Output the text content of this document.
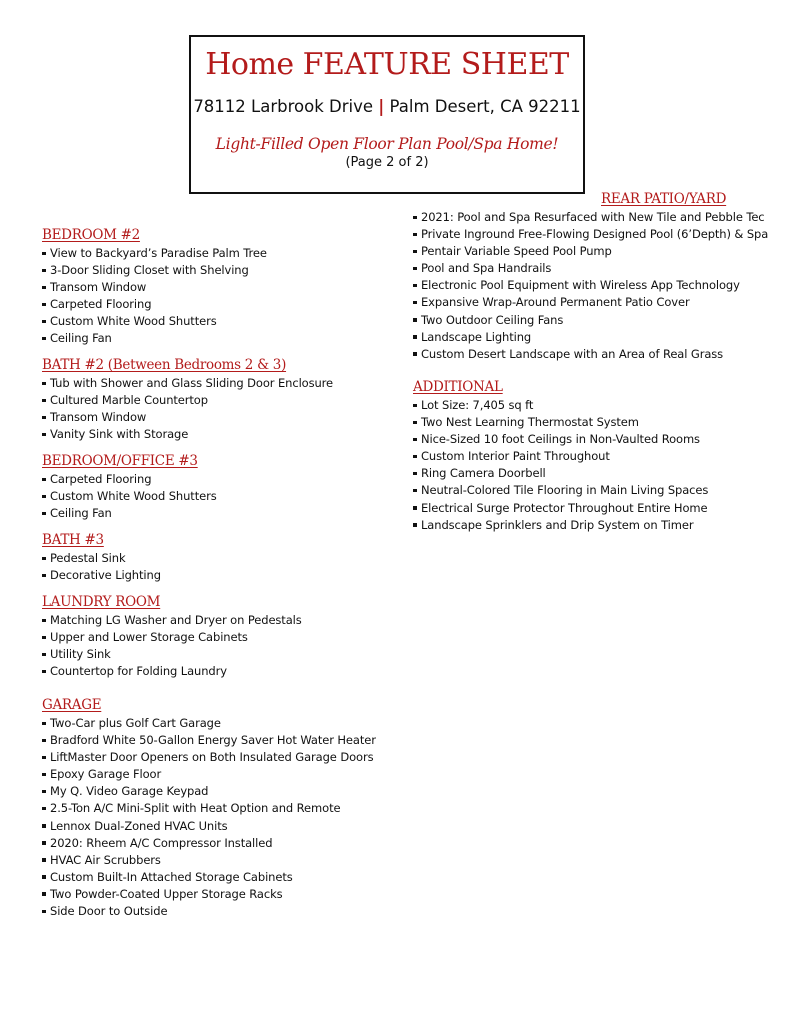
Home FEATURE SHEET
78112 Larbrook Drive | Palm Desert, CA 92211
Light-Filled Open Floor Plan Pool/Spa Home!
(Page 2 of 2)
BEDROOM #2
View to Backyard’s Paradise Palm Tree
3-Door Sliding Closet with Shelving
Transom Window
Carpeted Flooring
Custom White Wood Shutters
Ceiling Fan
BATH #2 (Between Bedrooms 2 & 3)
Tub with Shower and Glass Sliding Door Enclosure
Cultured Marble Countertop
Transom Window
Vanity Sink with Storage
BEDROOM/OFFICE #3
Carpeted Flooring
Custom White Wood Shutters
Ceiling Fan
BATH #3
Pedestal Sink
Decorative Lighting
LAUNDRY ROOM
Matching LG Washer and Dryer on Pedestals
Upper and Lower Storage Cabinets
Utility Sink
Countertop for Folding Laundry
GARAGE
Two-Car plus Golf Cart Garage
Bradford White 50-Gallon Energy Saver Hot Water Heater
LiftMaster Door Openers on Both Insulated Garage Doors
Epoxy Garage Floor
My Q. Video Garage Keypad
2.5-Ton A/C Mini-Split with Heat Option and Remote
Lennox Dual-Zoned HVAC Units
2020: Rheem A/C Compressor Installed
HVAC Air Scrubbers
Custom Built-In Attached Storage Cabinets
Two Powder-Coated Upper Storage Racks
Side Door to Outside
REAR PATIO/YARD
2021: Pool and Spa Resurfaced with New Tile and Pebble Tec
Private Inground Free-Flowing Designed Pool (6’Depth) & Spa
Pentair Variable Speed Pool Pump
Pool and Spa Handrails
Electronic Pool Equipment with Wireless App Technology
Expansive Wrap-Around Permanent Patio Cover
Two Outdoor Ceiling Fans
Landscape Lighting
Custom Desert Landscape with an Area of Real Grass
ADDITIONAL
Lot Size: 7,405 sq ft
Two Nest Learning Thermostat System
Nice-Sized 10 foot Ceilings in Non-Vaulted Rooms
Custom Interior Paint Throughout
Ring Camera Doorbell
Neutral-Colored Tile Flooring in Main Living Spaces
Electrical Surge Protector Throughout Entire Home
Landscape Sprinklers and Drip System on Timer
